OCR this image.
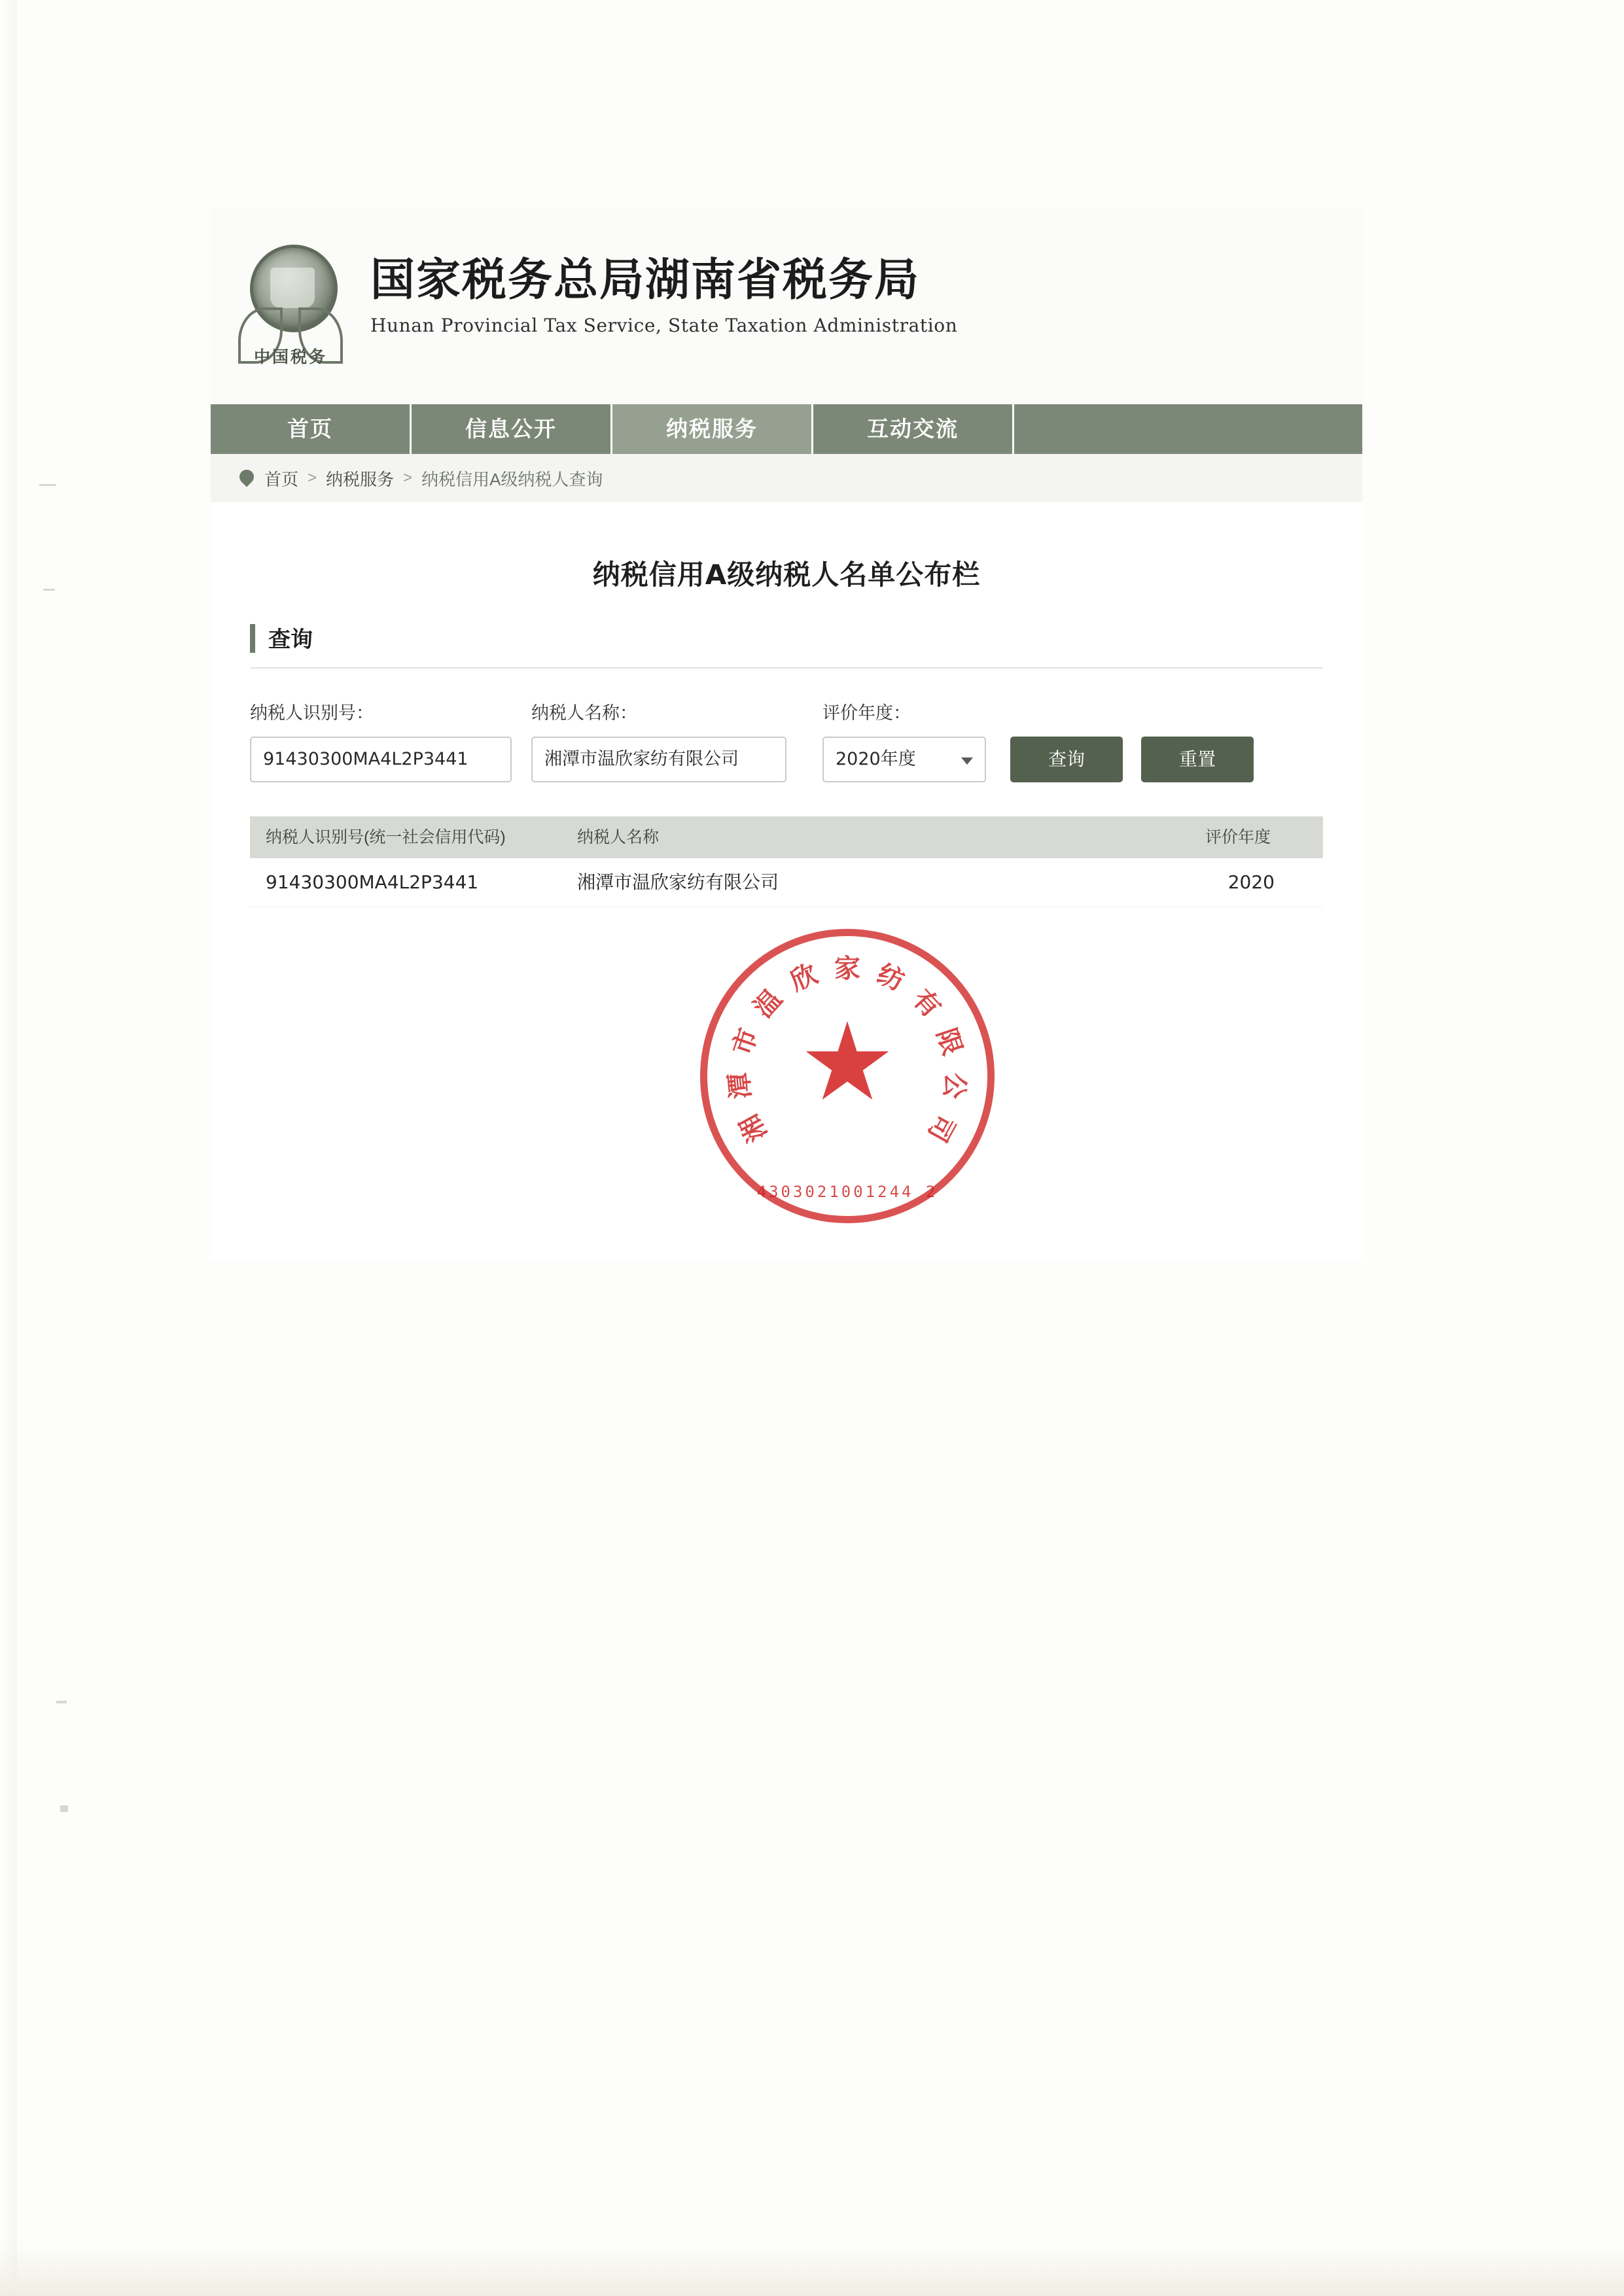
中国税务
国家税务总局湖南省税务局
Hunan Provincial Tax Service, State Taxation Administration
首页	信息公开	纳税服务	互动交流
首页 > 纳税服务 > 纳税信用A级纳税人查询
纳税信用A级纳税人名单公布栏
查询
纳税人识别号：	纳税人名称：	评价年度：
91430300MA4L2P3441	湘潭市温欣家纺有限公司	2020年度	查询	重置
纳税人识别号(统一社会信用代码)	纳税人名称	评价年度
91430300MA4L2P3441	湘潭市温欣家纺有限公司	2020
湘
潭
市
温
欣 家 纺
有
限
公
司
4303021001244 2
